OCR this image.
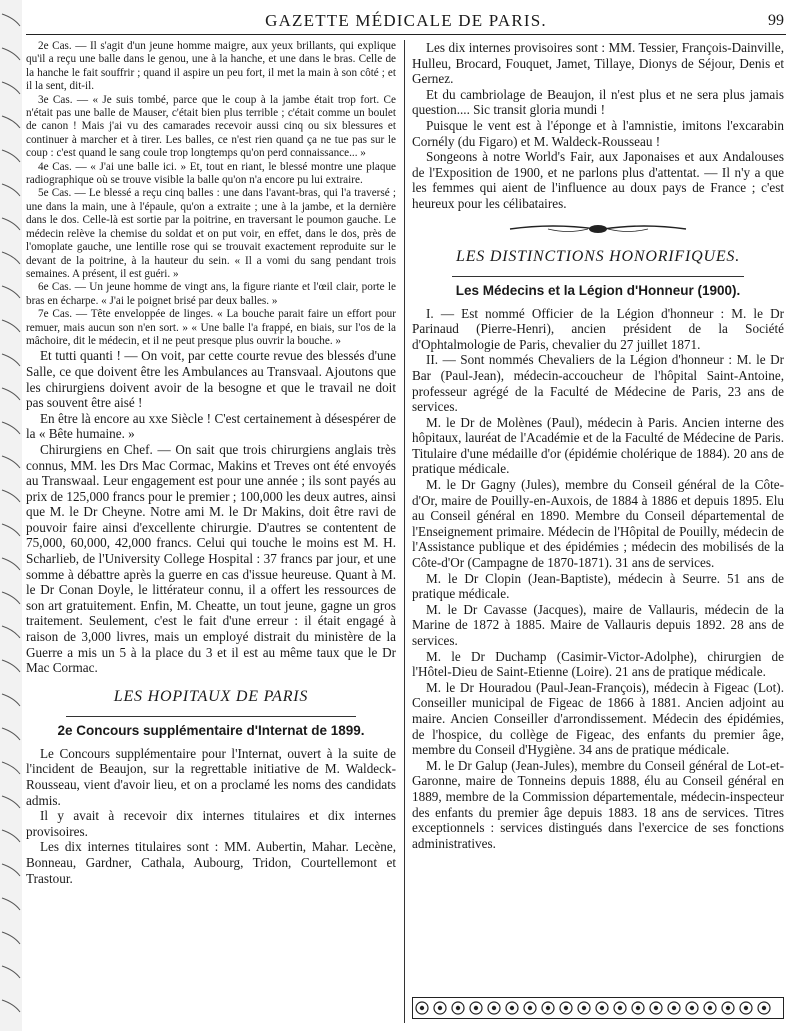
GAZETTE MÉDICALE DE PARIS.	99

2e Cas. — Il s'agit d'un jeune homme maigre, aux yeux brillants, qui explique qu'il a reçu une balle dans le genou, une à la hanche, et une dans le bras. Celle de la hanche le fait souffrir ; quand il aspire un peu fort, il met la main à son côté ; et il la sent, dit-il.

3e Cas. — « Je suis tombé, parce que le coup à la jambe était trop fort. Ce n'était pas une balle de Mauser, c'était bien plus terrible ; c'était comme un boulet de canon ! Mais j'ai vu des camarades recevoir aussi cinq ou six blessures et continuer à marcher et à tirer. Les balles, ce n'est rien quand ça ne tue pas sur le coup : c'est quand le sang coule trop longtemps qu'on perd connaissance... »

4e Cas. — « J'ai une balle ici. » Et, tout en riant, le blessé montre une plaque radiographique où se trouve visible la balle qu'on n'a encore pu lui extraire.

5e Cas. — Le blessé a reçu cinq balles : une dans l'avant-bras, qui l'a traversé ; une dans la main, une à l'épaule, qu'on a extraite ; une à la jambe, et la dernière dans le dos. Celle-là est sortie par la poitrine, en traversant le poumon gauche. Le médecin relève la chemise du soldat et on put voir, en effet, dans le dos, près de l'omoplate gauche, une lentille rose qui se trouvait exactement reproduite sur le devant de la poitrine, à la hauteur du sein. « Il a vomi du sang pendant trois semaines. A présent, il est guéri. »

6e Cas. — Un jeune homme de vingt ans, la figure riante et l'œil clair, porte le bras en écharpe. « J'ai le poignet brisé par deux balles. »

7e Cas. — Tête enveloppée de linges. « La bouche parait faire un effort pour remuer, mais aucun son n'en sort. » « Une balle l'a frappé, en biais, sur l'os de la mâchoire, dit le médecin, et il ne peut presque plus ouvrir la bouche. »

Et tutti quanti ! — On voit, par cette courte revue des blessés d'une Salle, ce que doivent être les Ambulances au Transvaal. Ajoutons que les chirurgiens doivent avoir de la besogne et que le travail ne doit pas souvent être aisé !

En être là encore au xxe Siècle ! C'est certainement à désespérer de la « Bête humaine. »

Chirurgiens en Chef. — On sait que trois chirurgiens anglais très connus, MM. les Drs Mac Cormac, Makins et Treves ont été envoyés au Transwaal. Leur engagement est pour une année ; ils sont payés au prix de 125,000 francs pour le premier ; 100,000 les deux autres, ainsi que M. le Dr Cheyne. Notre ami M. le Dr Makins, doit être ravi de pouvoir faire ainsi d'excellente chirurgie. D'autres se contentent de 75,000, 60,000, 42,000 francs. Celui qui touche le moins est M. H. Scharlieb, de l'University College Hospital : 37 francs par jour, et une somme à débattre après la guerre en cas d'issue heureuse. Quant à M. le Dr Conan Doyle, le littérateur connu, il a offert les ressources de son art gratuitement. Enfin, M. Cheatte, un tout jeune, gagne un gros traitement. Seulement, c'est le fait d'une erreur : il était engagé à raison de 3,000 livres, mais un employé distrait du ministère de la Guerre a mis un 5 à la place du 3 et il est au même taux que le Dr Mac Cormac.

LES HOPITAUX DE PARIS
2e Concours supplémentaire d'Internat de 1899.

Le Concours supplémentaire pour l'Internat, ouvert à la suite de l'incident de Beaujon, sur la regrettable initiative de M. Waldeck-Rousseau, vient d'avoir lieu, et on a proclamé les noms des candidats admis.

Il y avait à recevoir dix internes titulaires et dix internes provisoires.

Les dix internes titulaires sont : MM. Aubertin, Mahar. Lecène, Bonneau, Gardner, Cathala, Aubourg, Tridon, Courtellemont et Trastour.

Les dix internes provisoires sont : MM. Tessier, François-Dainville, Hulleu, Brocard, Fouquet, Jamet, Tillaye, Dionys de Séjour, Denis et Gernez.

Et du cambriolage de Beaujon, il n'est plus et ne sera plus jamais question.... Sic transit gloria mundi !

Puisque le vent est à l'éponge et à l'amnistie, imitons l'excarabin Cornély (du Figaro) et M. Waldeck-Rousseau !

Songeons à notre World's Fair, aux Japonaises et aux Andalouses de l'Exposition de 1900, et ne parlons plus d'attentat. — Il n'y a que les femmes qui aient de l'influence au doux pays de France ; c'est heureux pour les célibataires.

LES DISTINCTIONS HONORIFIQUES.
Les Médecins et la Légion d'Honneur (1900).

I. — Est nommé Officier de la Légion d'honneur : M. le Dr Parinaud (Pierre-Henri), ancien président de la Société d'Ophtalmologie de Paris, chevalier du 27 juillet 1871.

II. — Sont nommés Chevaliers de la Légion d'honneur : M. le Dr Bar (Paul-Jean), médecin-accoucheur de l'hôpital Saint-Antoine, professeur agrégé de la Faculté de Médecine de Paris, 23 ans de services.

M. le Dr de Molènes (Paul), médecin à Paris. Ancien interne des hôpitaux, lauréat de l'Académie et de la Faculté de Médecine de Paris. Titulaire d'une médaille d'or (épidémie cholérique de 1884). 20 ans de pratique médicale.

M. le Dr Gagny (Jules), membre du Conseil général de la Côte-d'Or, maire de Pouilly-en-Auxois, de 1884 à 1886 et depuis 1895. Elu au Conseil général en 1890. Membre du Conseil départemental de l'Enseignement primaire. Médecin de l'Hôpital de Pouilly, médecin de l'Assistance publique et des épidémies ; médecin des mobilisés de la Côte-d'Or (Campagne de 1870-1871). 31 ans de services.

M. le Dr Clopin (Jean-Baptiste), médecin à Seurre. 51 ans de pratique médicale.

M. le Dr Cavasse (Jacques), maire de Vallauris, médecin de la Marine de 1872 à 1885. Maire de Vallauris depuis 1892. 28 ans de services.

M. le Dr Duchamp (Casimir-Victor-Adolphe), chirurgien de l'Hôtel-Dieu de Saint-Etienne (Loire). 21 ans de pratique médicale.

M. le Dr Houradou (Paul-Jean-François), médecin à Figeac (Lot). Conseiller municipal de Figeac de 1866 à 1881. Ancien adjoint au maire. Ancien Conseiller d'arrondissement. Médecin des épidémies, de l'hospice, du collège de Figeac, des enfants du premier âge, membre du Conseil d'Hygiène. 34 ans de pratique médicale.

M. le Dr Galup (Jean-Jules), membre du Conseil général de Lot-et-Garonne, maire de Tonneins depuis 1888, élu au Conseil général en 1889, membre de la Commission départementale, médecin-inspecteur des enfants du premier âge depuis 1883. 18 ans de services. Titres exceptionnels : services distingués dans l'exercice de ses fonctions administratives.
